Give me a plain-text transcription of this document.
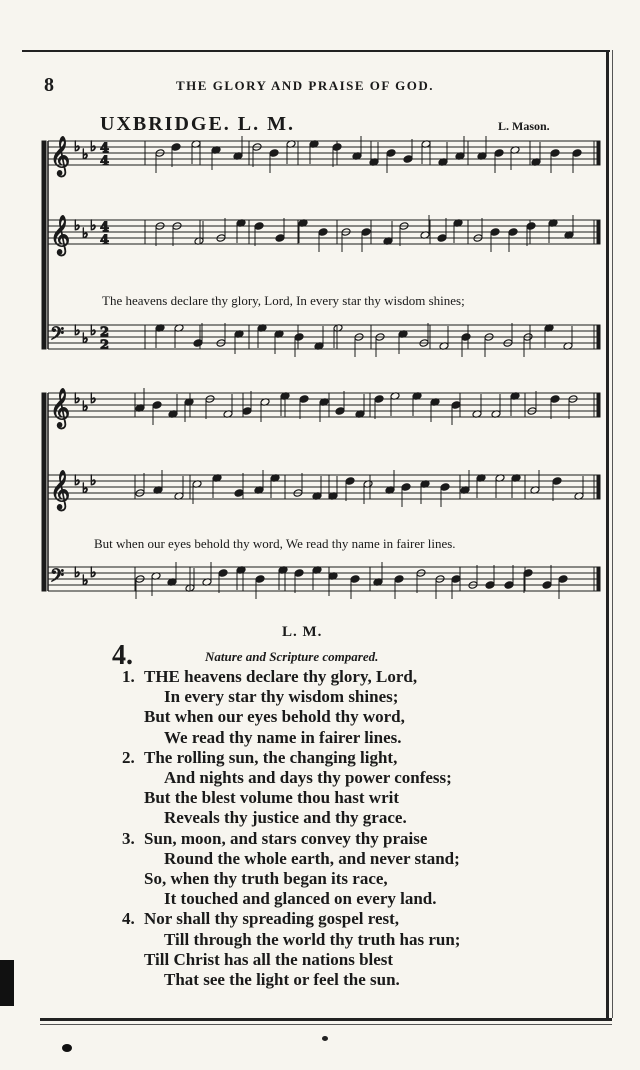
8	THE GLORY AND PRAISE OF GOD.
UXBRIDGE. L. M.	L. Mason.
𝄞 ♭ ♭ ♭ 4
4
𝄞 ♭ ♭ ♭ 4
4
𝄢 ♭ ♭ ♭ 2
2
𝄞 ♭ ♭ ♭
𝄞 ♭ ♭ ♭
𝄢 ♭ ♭ ♭
The heavens declare thy glory, Lord, In every star thy wisdom shines;
But when our eyes behold thy word, We read thy name in fairer lines.
L. M.
4.	Nature and Scripture compared.
1. THE heavens declare thy glory, Lord,
In every star thy wisdom shines;
But when our eyes behold thy word,
We read thy name in fairer lines.
2. The rolling sun, the changing light,
And nights and days thy power confess;
But the blest volume thou hast writ
Reveals thy justice and thy grace.
3. Sun, moon, and stars convey thy praise
Round the whole earth, and never stand;
So, when thy truth began its race,
It touched and glanced on every land.
4. Nor shall thy spreading gospel rest,
Till through the world thy truth has run;
Till Christ has all the nations blest
That see the light or feel the sun.
